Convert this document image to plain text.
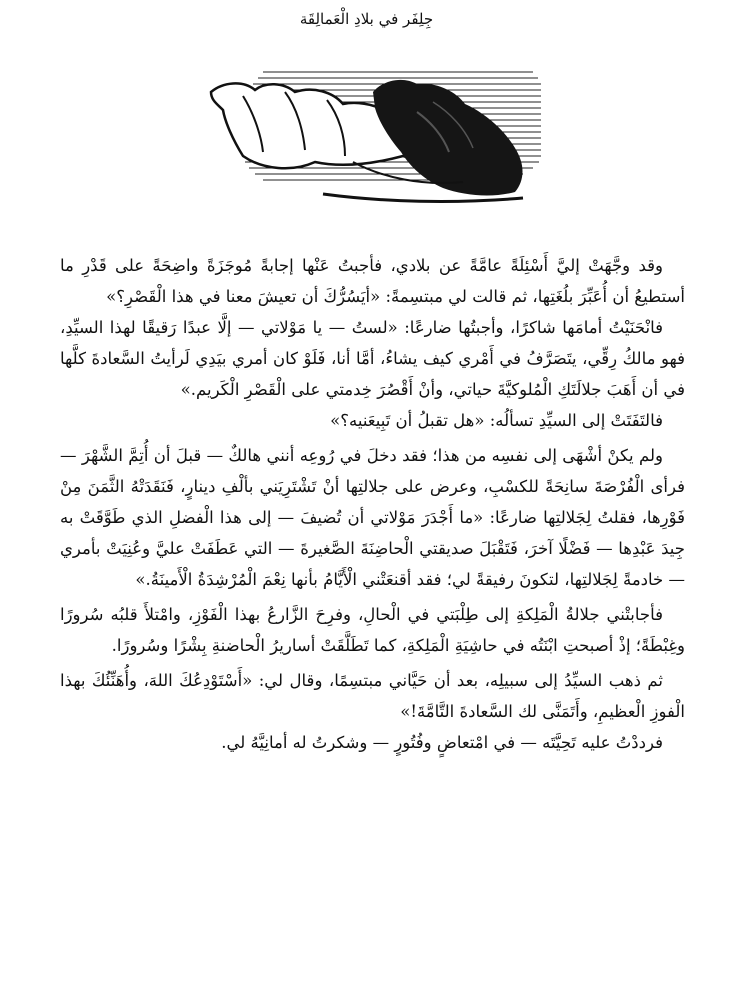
جِلِفَر في بلادِ الْعَمالِقَة

وقد وجَّهَتْ إليَّ أَسْئِلَةً عامَّةً عن بلادي، فأجبتُ عَنْها إجابةً مُوجَزَةً واضِحَةً على قَدْرِ ما أستطيعُ أن أُعَبِّرَ بلُغَتِها، ثم قالت لي مبتسِمةً: «أيَسُرُّكَ أن تعيشَ معنا في هذا الْقَصْرِ؟»

فانْحَنَيْتُ أمامَها شاكرًا، وأجبتُها ضارعًا: «لستُ — يا مَوْلاتي — إلَّا عبدًا رَقيقًا لهذا السيِّدِ، فهو مالكُ رِقِّي، يتَصَرَّفُ في أَمْري كيف يشاءُ، أمَّا أنا، فَلَوْ كان أمري بيَدِي لَرأيتُ السَّعادةَ كلَّها في أن أَهَبَ جلالَتَكِ الْمُلوكيَّةَ حياتي، وأنْ أَقْصُرَ خِدمتي على الْقَصْرِ الْكَريم.»

فالتَفَتَتْ إلى السيِّدِ تسألُه: «هل تقبلُ أن تَبِيعَنيه؟»

ولم يكنْ أشْهَى إلى نفسِه من هذا؛ فقد دخلَ في رُوعِه أنني هالكٌ — قبلَ أن أُتِمَّ الشَّهْرَ — فرأى الْفُرْصَةَ سانِحَةً للكسْبِ، وعرض على جلالتِها أنْ تَشْتَرِيَني بألْفِ دينارٍ، فَنَقَدَتْهُ الثَّمَنَ مِنْ فَوْرِها، فقلتُ لِجَلالتِها ضارعًا: «ما أَجْدَرَ مَوْلاتي أن تُضيفَ — إلى هذا الْفضلِ الذي طَوَّقَتْ به جِيدَ عَبْدِها — فَضْلًا آخرَ، فَتَقْبَلَ صديقتي الْحاضِنَةَ الصَّغيرةَ — التي عَطَفَتْ عليَّ وعُنِيَتْ بأمري — خادمةً لِجَلالتِها، لتكونَ رفيقةً لي؛ فقد أقنعَتْني الْأَيَّامُ بأنها نِعْمَ الْمُرْشِدَةُ الْأَمينَةُ.»

فأجابتْني جلالةُ الْمَلِكةِ إلى طِلْبَتي في الْحالِ، وفرِحَ الزَّارعُ بهذا الْفَوْزِ، وامْتلأَ قلبُه سُرورًا وغِبْطَةً؛ إذْ أصبحتِ ابْنَتُه في حاشِيَةِ الْمَلِكةِ، كما تَطَلَّقَتْ أساريرُ الْحاضنةِ بِشْرًا وسُرورًا.

ثم ذهب السيِّدُ إلى سبيلِه، بعد أن حَيَّاني مبتسِمًا، وقال لي: «أَسْتَوْدِعُكَ اللهَ، وأُهَنِّئُكَ بهذا الْفوزِ الْعظيمِ، وأَتَمَنَّى لك السَّعادةَ التَّامَّةَ!»

فرددْتُ عليه تَحِيَّتَه — في امْتعاضٍ وفُتُورٍ — وشكرتُ له أمانِيَّهُ لي.
